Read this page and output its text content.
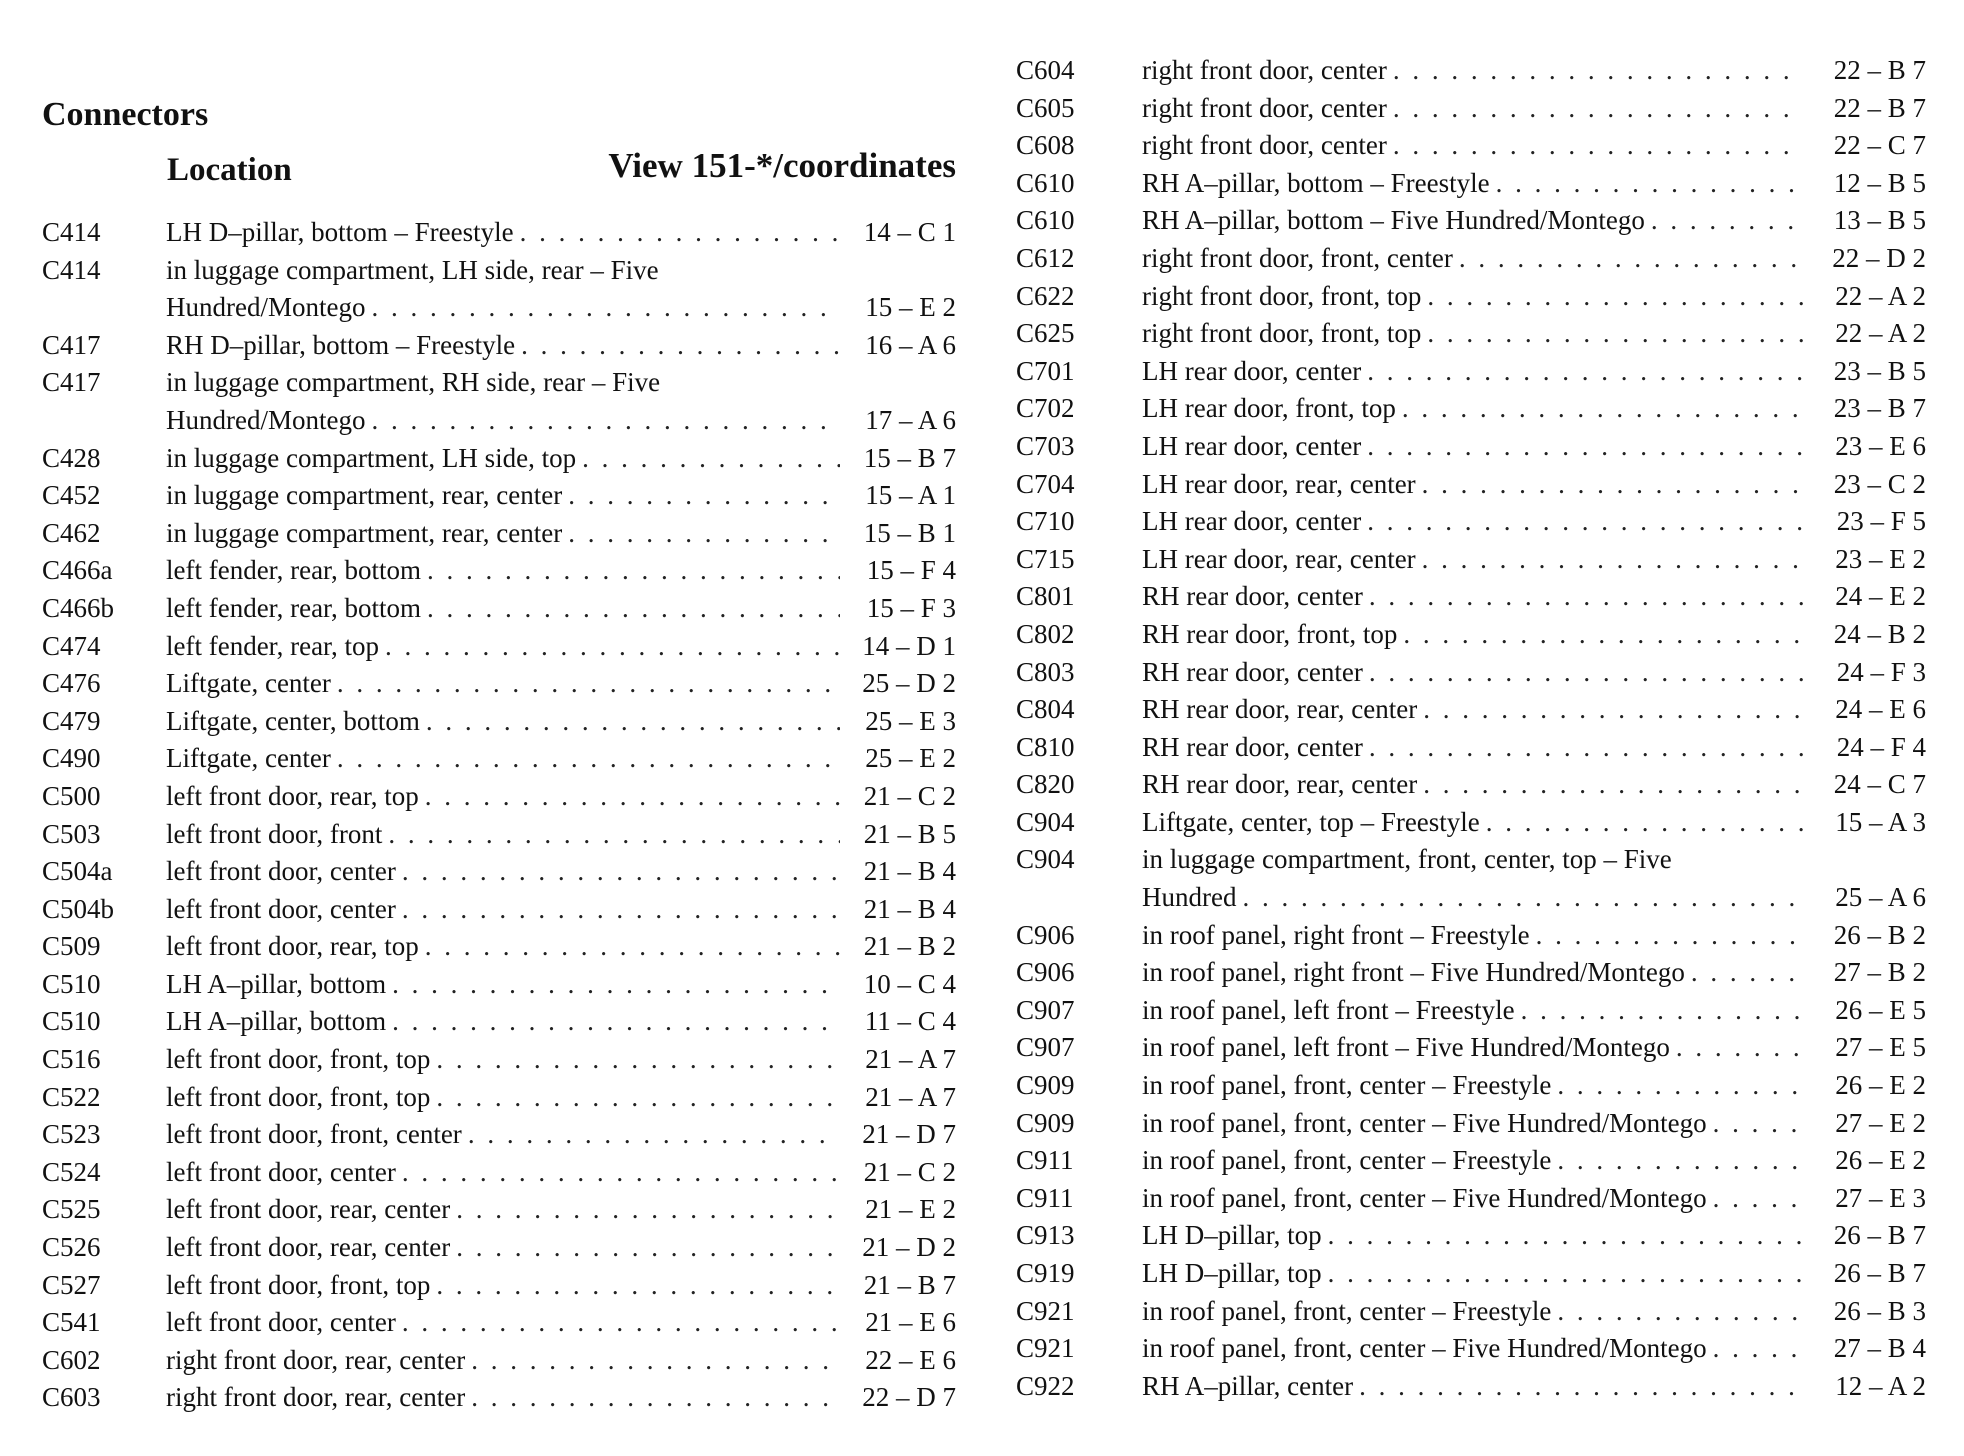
Connectors
Location	View 151-*/coordinates
C414	LH D–pillar, bottom – Freestyle . . .	14 – C 1
C414	in luggage compartment, LH side, rear – Five
Hundred/Montego . . .	15 – E 2
C417	RH D–pillar, bottom – Freestyle . . .	16 – A 6
C417	in luggage compartment, RH side, rear – Five
Hundred/Montego . . .	17 – A 6
C428	in luggage compartment, LH side, top . . .	15 – B 7
C452	in luggage compartment, rear, center . . .	15 – A 1
C462	in luggage compartment, rear, center . . .	15 – B 1
C466a	left fender, rear, bottom . . .	15 – F 4
C466b	left fender, rear, bottom . . .	15 – F 3
C474	left fender, rear, top . . .	14 – D 1
C476	Liftgate, center . . .	25 – D 2
C479	Liftgate, center, bottom . . .	25 – E 3
C490	Liftgate, center . . .	25 – E 2
C500	left front door, rear, top . . .	21 – C 2
C503	left front door, front . . .	21 – B 5
C504a	left front door, center . . .	21 – B 4
C504b	left front door, center . . .	21 – B 4
C509	left front door, rear, top . . .	21 – B 2
C510	LH A–pillar, bottom . . .	10 – C 4
C510	LH A–pillar, bottom . . .	11 – C 4
C516	left front door, front, top . . .	21 – A 7
C522	left front door, front, top . . .	21 – A 7
C523	left front door, front, center . . .	21 – D 7
C524	left front door, center . . .	21 – C 2
C525	left front door, rear, center . . .	21 – E 2
C526	left front door, rear, center . . .	21 – D 2
C527	left front door, front, top . . .	21 – B 7
C541	left front door, center . . .	21 – E 6
C602	right front door, rear, center . . .	22 – E 6
C603	right front door, rear, center . . .	22 – D 7
C604	right front door, center . . .	22 – B 7
C605	right front door, center . . .	22 – B 7
C608	right front door, center . . .	22 – C 7
C610	RH A–pillar, bottom – Freestyle . . .	12 – B 5
C610	RH A–pillar, bottom – Five Hundred/Montego . . .	13 – B 5
C612	right front door, front, center . . .	22 – D 2
C622	right front door, front, top . . .	22 – A 2
C625	right front door, front, top . . .	22 – A 2
C701	LH rear door, center . . .	23 – B 5
C702	LH rear door, front, top . . .	23 – B 7
C703	LH rear door, center . . .	23 – E 6
C704	LH rear door, rear, center . . .	23 – C 2
C710	LH rear door, center . . .	23 – F 5
C715	LH rear door, rear, center . . .	23 – E 2
C801	RH rear door, center . . .	24 – E 2
C802	RH rear door, front, top . . .	24 – B 2
C803	RH rear door, center . . .	24 – F 3
C804	RH rear door, rear, center . . .	24 – E 6
C810	RH rear door, center . . .	24 – F 4
C820	RH rear door, rear, center . . .	24 – C 7
C904	Liftgate, center, top – Freestyle . . .	15 – A 3
C904	in luggage compartment, front, center, top – Five
Hundred . . .	25 – A 6
C906	in roof panel, right front – Freestyle . . .	26 – B 2
C906	in roof panel, right front – Five Hundred/Montego . . .	27 – B 2
C907	in roof panel, left front – Freestyle . . .	26 – E 5
C907	in roof panel, left front – Five Hundred/Montego . . .	27 – E 5
C909	in roof panel, front, center – Freestyle . . .	26 – E 2
C909	in roof panel, front, center – Five Hundred/Montego . . .	27 – E 2
C911	in roof panel, front, center – Freestyle . . .	26 – E 2
C911	in roof panel, front, center – Five Hundred/Montego . . .	27 – E 3
C913	LH D–pillar, top . . .	26 – B 7
C919	LH D–pillar, top . . .	26 – B 7
C921	in roof panel, front, center – Freestyle . . .	26 – B 3
C921	in roof panel, front, center – Five Hundred/Montego . . .	27 – B 4
C922	RH A–pillar, center . . .	12 – A 2
